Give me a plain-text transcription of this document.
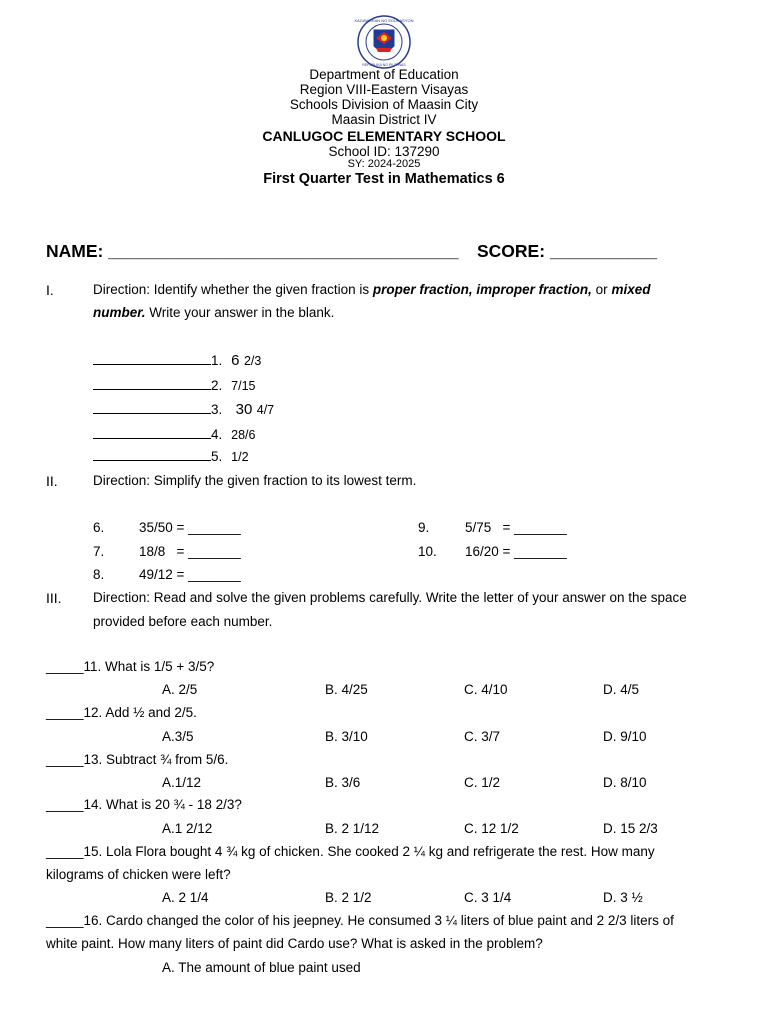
KAGAWARAN NG EDUKASYON
REPUBLIKA NG PILIPINAS
Department of Education
Region VIII-Eastern Visayas
Schools Division of Maasin City
Maasin District IV
CANLUGOC ELEMENTARY SCHOOL
School ID: 137290
SY: 2024-2025
First Quarter Test in Mathematics 6
NAME: ____________________________________ SCORE: ___________
I.	Direction: Identify whether the given fraction is proper fraction, improper fraction, or mixed
number. Write your answer in the blank.
1. 6 2/3
2. 7/15
3. 30 4/7
4. 28/6
5. 1/2
II.	Direction: Simplify the given fraction to its lowest term.
6.	35/50 = _______
7.	18/8   = _______
8.	49/12 = _______
9.	5/75   = _______
10. 16/20 = _______
III. Direction: Read and solve the given problems carefully. Write the letter of your answer on the space
provided before each number.
_____11. What is 1/5 + 3/5?
A. 2/5	B. 4/25	C. 4/10	D. 4/5
_____12. Add ½ and 2/5.
A.3/5	B. 3/10	C. 3/7	D. 9/10
_____13. Subtract ¾ from 5/6.
A.1/12	B. 3/6	C. 1/2	D. 8/10
_____14. What is 20 ¾ - 18 2/3?
A.1 2/12	B. 2 1/12	C. 12 1/2	D. 15 2/3
_____15. Lola Flora bought 4 ¾ kg of chicken. She cooked 2 ¼ kg and refrigerate the rest. How many
kilograms of chicken were left?
A. 2 1/4	B. 2 1/2	C. 3 1/4	D. 3 ½
_____16. Cardo changed the color of his jeepney. He consumed 3 ¼ liters of blue paint and 2 2/3 liters of
white paint. How many liters of paint did Cardo use? What is asked in the problem?
A. The amount of blue paint used
